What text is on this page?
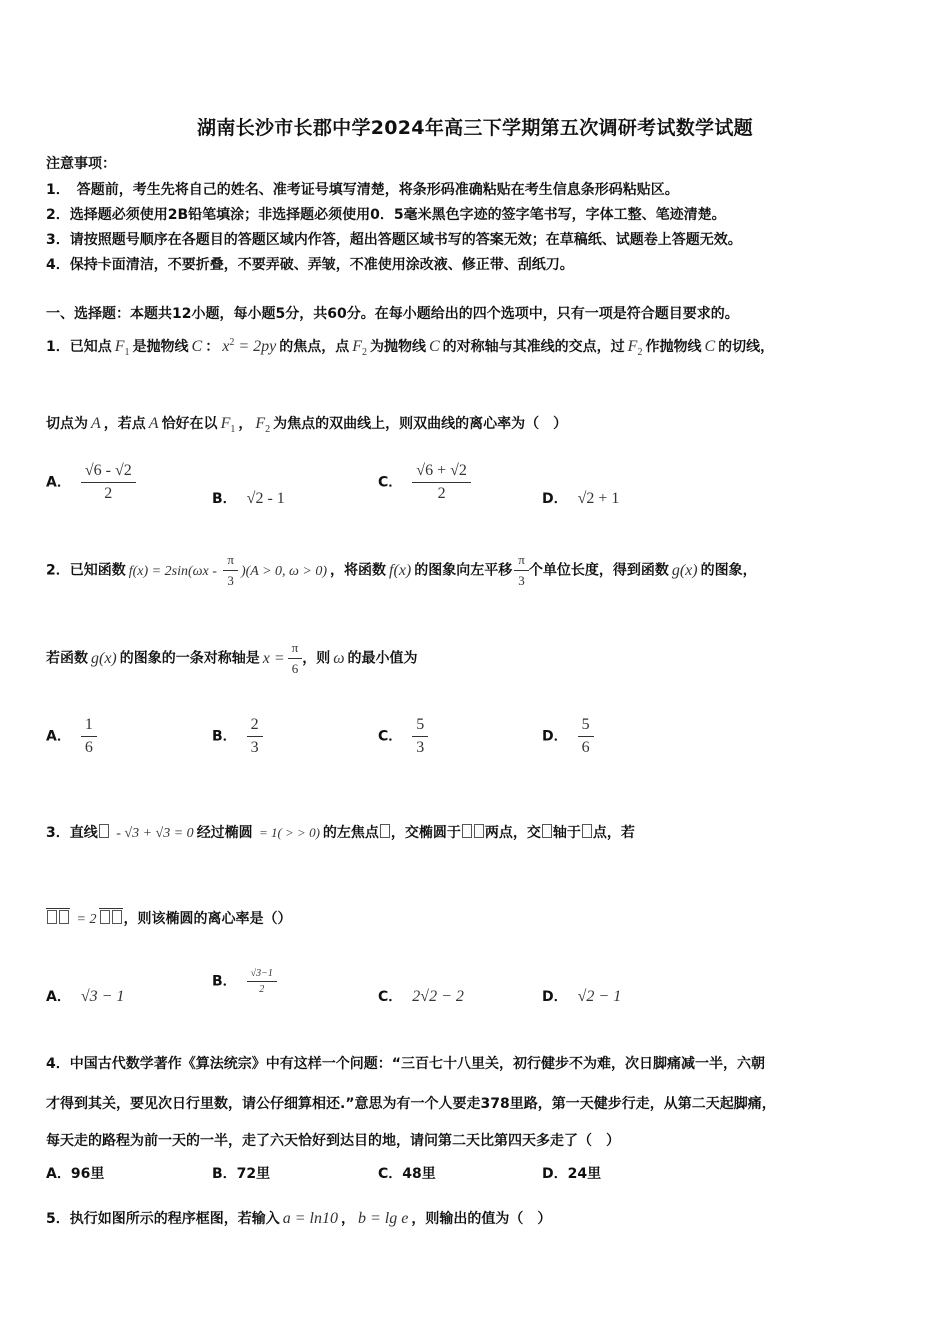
湖南长沙市长郡中学2024年高三下学期第五次调研考试数学试题
注意事项：
1．　答题前，考生先将自己的姓名、准考证号填写清楚，将条形码准确粘贴在考生信息条形码粘贴区。
2．选择题必须使用2B铅笔填涂；非选择题必须使用0．5毫米黑色字迹的签字笔书写，字体工整、笔迹清楚。
3．请按照题号顺序在各题目的答题区域内作答，超出答题区域书写的答案无效；在草稿纸、试题卷上答题无效。
4．保持卡面清洁，不要折叠，不要弄破、弄皱，不准使用涂改液、修正带、刮纸刀。
一、选择题：本题共12小题，每小题5分，共60分。在每小题给出的四个选项中，只有一项是符合题目要求的。
1．已知点 $F_1$ 是抛物线 C ： $x^2 = 2py$ 的焦点，点 $F_2$ 为抛物线 C 的对称轴与其准线的交点，过 $F_2$ 作抛物线 C 的切线，
切点为 A ，若点 A 恰好在以 $F_1$ ， $F_2$ 为焦点的双曲线上，则双曲线的离心率为（　）
A． $\frac{√6 - √2}{2}$	B． √2 - 1
C． $\frac{√6 + √2}{2}$	D． √2 + 1
2．已知函数 $f(x) = 2\sin(\omega x - \frac{\pi}{3} )(A > 0$, ω > 0) ，将函数 f(x) 的图象向左平移 $\frac{\pi}{3}$ 个单位长度，得到函数 g(x) 的图象，
若函数 g(x) 的图象的一条对称轴是 $x = \frac{\pi}{6}$ ，则 ω 的最小值为
A． $\frac{1}{6}$	B． $\frac{2}{3}$	C． $\frac{5}{3}$	D． $\frac{5}{6}$
3．直线 - √3 + √3 = 0 经过椭圆 = 1( > > 0) 的左焦点 ，交椭圆于 两点，交 轴于 点，若
= 2 ，则该椭圆的离心率是（）
A． √3 − 1
B． $\frac{√3-1}{2}$
C． 2√2 − 2	D． √2 − 1
4．中国古代数学著作《算法统宗》中有这样一个问题：“三百七十八里关，初行健步不为难，次日脚痛减一半，六朝
才得到其关，要见次日行里数，请公仔细算相还.”意思为有一个人要走378里路，第一天健步行走，从第二天起脚痛，
每天走的路程为前一天的一半，走了六天恰好到达目的地，请问第二天比第四天多走了（　）
A．96里	B．72里	C．48里	D．24里
5．执行如图所示的程序框图，若输入 a = ln10 ， b = lg e ，则输出的值为（　）
